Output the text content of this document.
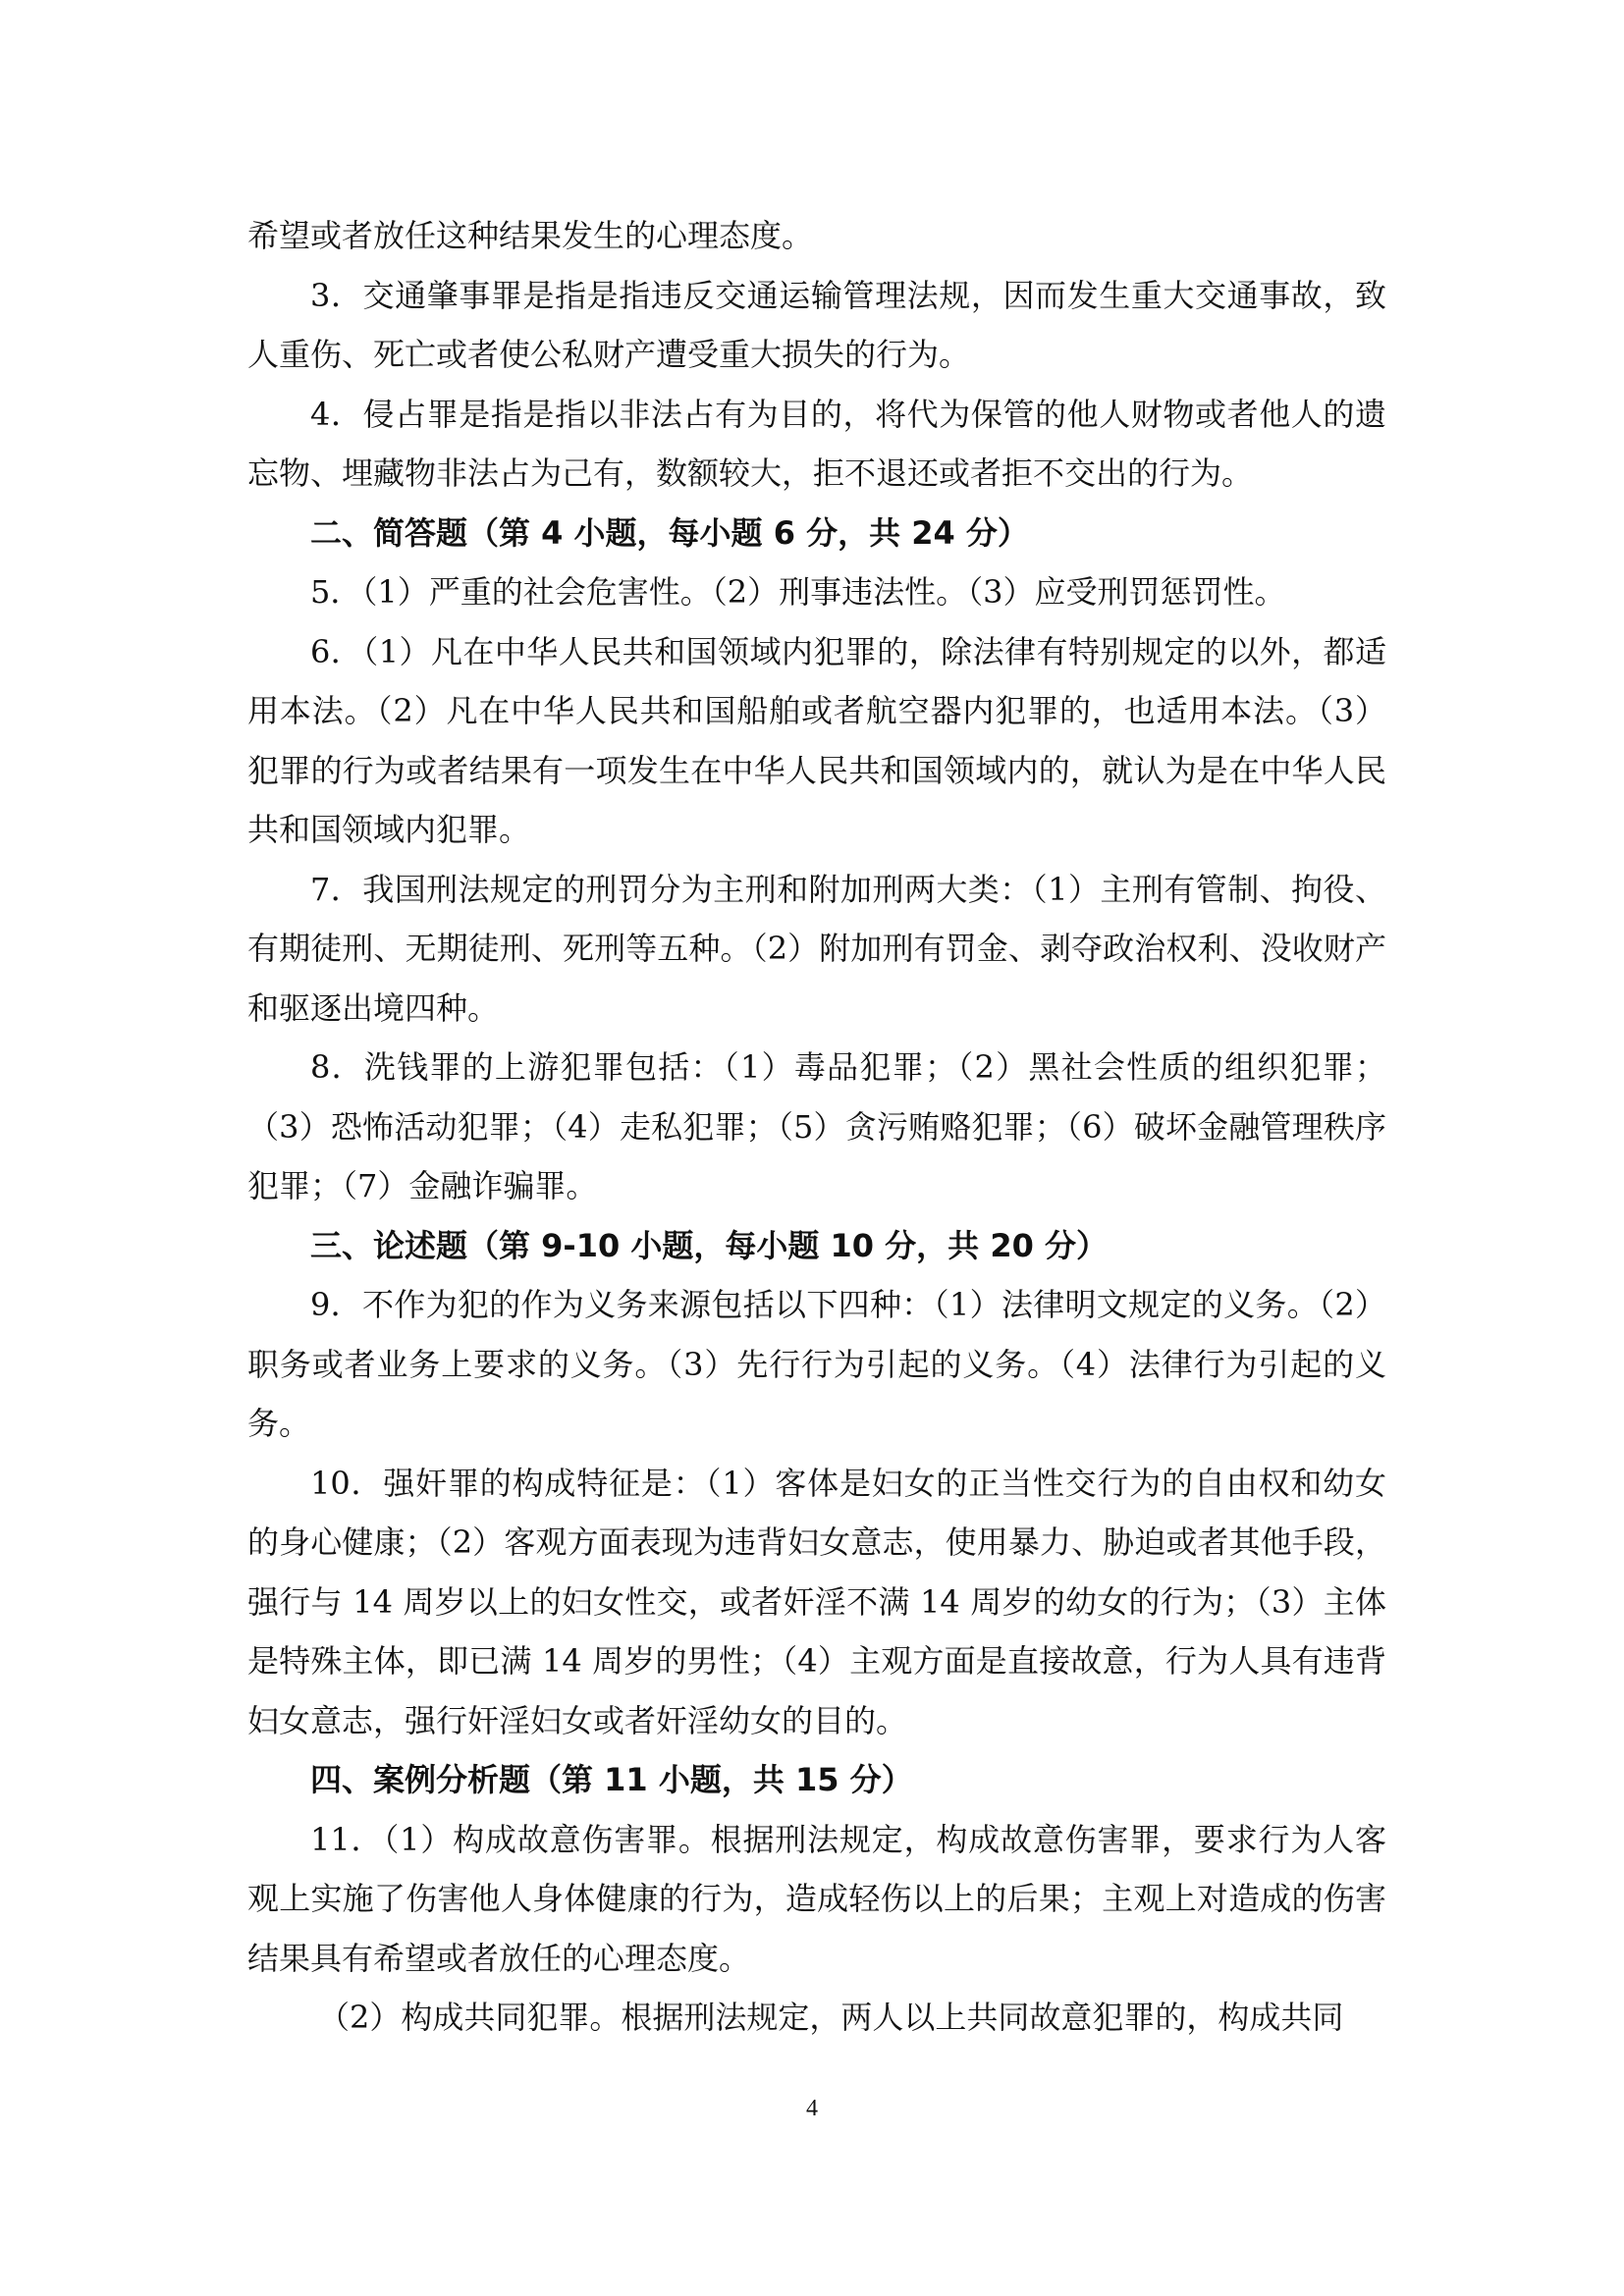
希望或者放任这种结果发生的心理态度。

3．交通肇事罪是指是指违反交通运输管理法规，因而发生重大交通事故，致人重伤、死亡或者使公私财产遭受重大损失的行为。

4．侵占罪是指是指以非法占有为目的，将代为保管的他人财物或者他人的遗忘物、埋藏物非法占为己有，数额较大，拒不退还或者拒不交出的行为。

二、简答题（第 4 小题，每小题 6 分，共 24 分）

5．（1）严重的社会危害性。（2）刑事违法性。（3）应受刑罚惩罚性。

6．（1）凡在中华人民共和国领域内犯罪的，除法律有特别规定的以外，都适用本法。（2）凡在中华人民共和国船舶或者航空器内犯罪的，也适用本法。（3）犯罪的行为或者结果有一项发生在中华人民共和国领域内的，就认为是在中华人民共和国领域内犯罪。

7．我国刑法规定的刑罚分为主刑和附加刑两大类：（1）主刑有管制、拘役、有期徒刑、无期徒刑、死刑等五种。（2）附加刑有罚金、剥夺政治权利、没收财产和驱逐出境四种。

8．洗钱罪的上游犯罪包括：（1）毒品犯罪；（2）黑社会性质的组织犯罪；（3）恐怖活动犯罪；（4）走私犯罪；（5）贪污贿赂犯罪；（6）破坏金融管理秩序犯罪；（7）金融诈骗罪。

三、论述题（第 9-10 小题，每小题 10 分，共 20 分）

9．不作为犯的作为义务来源包括以下四种：（1）法律明文规定的义务。（2）职务或者业务上要求的义务。（3）先行行为引起的义务。（4）法律行为引起的义务。

10．强奸罪的构成特征是：（1）客体是妇女的正当性交行为的自由权和幼女的身心健康；（2）客观方面表现为违背妇女意志，使用暴力、胁迫或者其他手段，强行与 14 周岁以上的妇女性交，或者奸淫不满 14 周岁的幼女的行为；（3）主体是特殊主体，即已满 14 周岁的男性；（4）主观方面是直接故意，行为人具有违背妇女意志，强行奸淫妇女或者奸淫幼女的目的。

四、案例分析题（第 11 小题，共 15 分）

11．（1）构成故意伤害罪。根据刑法规定，构成故意伤害罪，要求行为人客观上实施了伤害他人身体健康的行为，造成轻伤以上的后果；主观上对造成的伤害结果具有希望或者放任的心理态度。

（2）构成共同犯罪。根据刑法规定，两人以上共同故意犯罪的，构成共同

4
